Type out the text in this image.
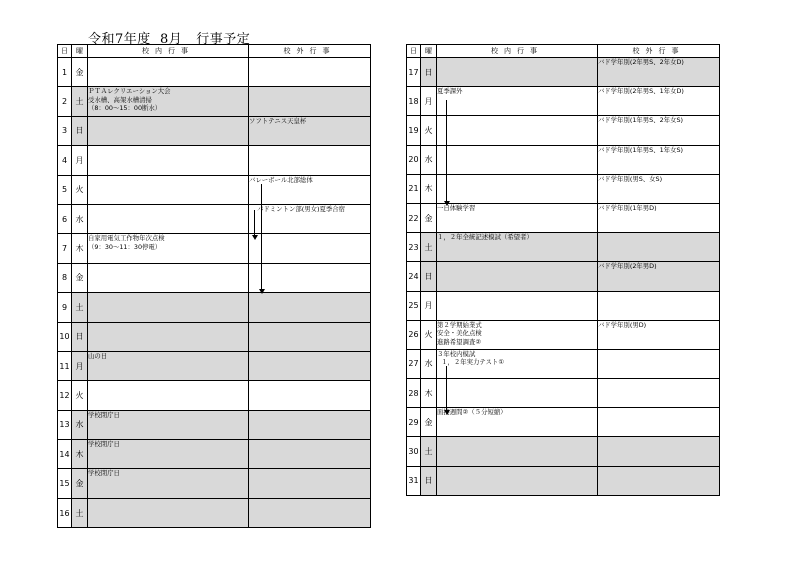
令和7年度  8月   行事予定
日	曜	校内行事	校外行事
1	金		
2	土	ＰＴＡレクリエーション大会
受水槽、高架水槽清掃
（8：00～15：00断水）	
3	日		ソフトテニス天皇杯
4	月		
5	火		バレーボール北部総体
6	水		バドミントン部(男女)夏季合宿
7	木	自家用電気工作物年次点検
（9：30～11：30停電）	
8	金		
9	土		
10	日		
11	月	山の日	
12	火		
13	水	学校閉庁日	
14	木	学校閉庁日	
15	金	学校閉庁日	
16	土		
日	曜	校内行事	校外行事
17	日		バド学年別(2年男S、2年女D)
18	月	夏季課外	バド学年別(2年男S、1年女D)
19	火		バド学年別(1年男S、2年女S)
20	水		バド学年別(1年男S、1年女S)
21	木		バド学年別(男S、女S)
22	金	一日体験学習	バド学年別(1年男D)
23	土	１，２年全統記述模試（希望者）	
24	日		バド学年別(2年男D)
25	月		
26	火	第２学期始業式
安全・美化点検
進路希望調査②	バド学年別(男D)
27	水	３年校内模試
１，２年実力テスト①	
28	木		
29	金	面接週間②（５分短縮）	
30	土		
31	日		
